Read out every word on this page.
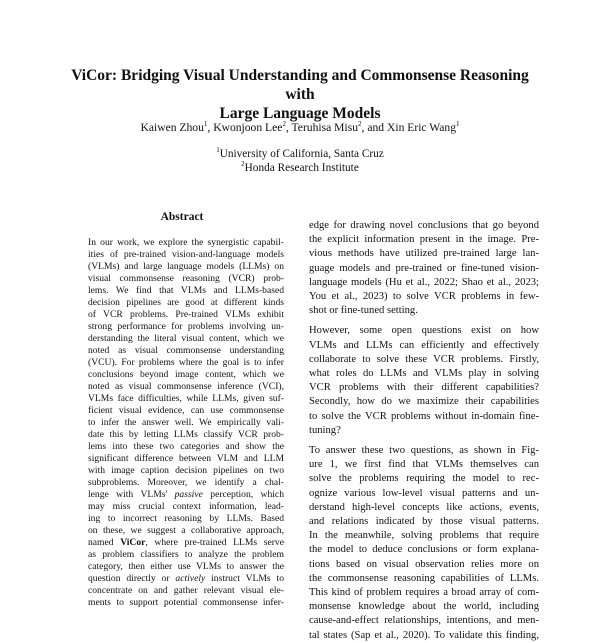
ViCor: Bridging Visual Understanding and Commonsense Reasoning with
Large Language Models
Kaiwen Zhou$^1$, Kwonjoon Lee$^2$, Teruhisa Misu$^2$, and Xin Eric Wang$^1$
$^1$University of California, Santa Cruz
$^2$Honda Research Institute
Abstract
In our work, we explore the synergistic capabil-
ities of pre-trained vision-and-language models
(VLMs) and large language models (LLMs) on
visual commonsense reasoning (VCR) prob-
lems. We find that VLMs and LLMs-based
decision pipelines are good at different kinds
of VCR problems. Pre-trained VLMs exhibit
strong performance for problems involving un-
derstanding the literal visual content, which we
noted as visual commonsense understanding
(VCU). For problems where the goal is to infer
conclusions beyond image content, which we
noted as visual commonsense inference (VCI),
VLMs face difficulties, while LLMs, given suf-
ficient visual evidence, can use commonsense
to infer the answer well. We empirically vali-
date this by letting LLMs classify VCR prob-
lems into these two categories and show the
significant difference between VLM and LLM
with image caption decision pipelines on two
subproblems. Moreover, we identify a chal-
lenge with VLMs' passive perception, which
may miss crucial context information, lead-
ing to incorrect reasoning by LLMs. Based
on these, we suggest a collaborative approach,
named ViCor, where pre-trained LLMs serve
as problem classifiers to analyze the problem
category, then either use VLMs to answer the
question directly or actively instruct VLMs to
concentrate on and gather relevant visual ele-
ments to support potential commonsense infer-
edge for drawing novel conclusions that go beyond
the explicit information present in the image. Pre-
vious methods have utilized pre-trained large lan-
guage models and pre-trained or fine-tuned vision-
language models (Hu et al., 2022; Shao et al., 2023;
You et al., 2023) to solve VCR problems in few-
shot or fine-tuned setting.
However, some open questions exist on how
VLMs and LLMs can efficiently and effectively
collaborate to solve these VCR problems. Firstly,
what roles do LLMs and VLMs play in solving
VCR problems with their different capabilities?
Secondly, how do we maximize their capabilities
to solve the VCR problems without in-domain fine-
tuning?
To answer these two questions, as shown in Fig-
ure 1, we first find that VLMs themselves can
solve the problems requiring the model to rec-
ognize various low-level visual patterns and un-
derstand high-level concepts like actions, events,
and relations indicated by those visual patterns.
In the meanwhile, solving problems that require
the model to deduce conclusions or form explana-
tions based on visual observation relies more on
the commonsense reasoning capabilities of LLMs.
This kind of problem requires a broad array of com-
monsense knowledge about the world, including
cause-and-effect relationships, intentions, and men-
tal states (Sap et al., 2020). To validate this finding,
